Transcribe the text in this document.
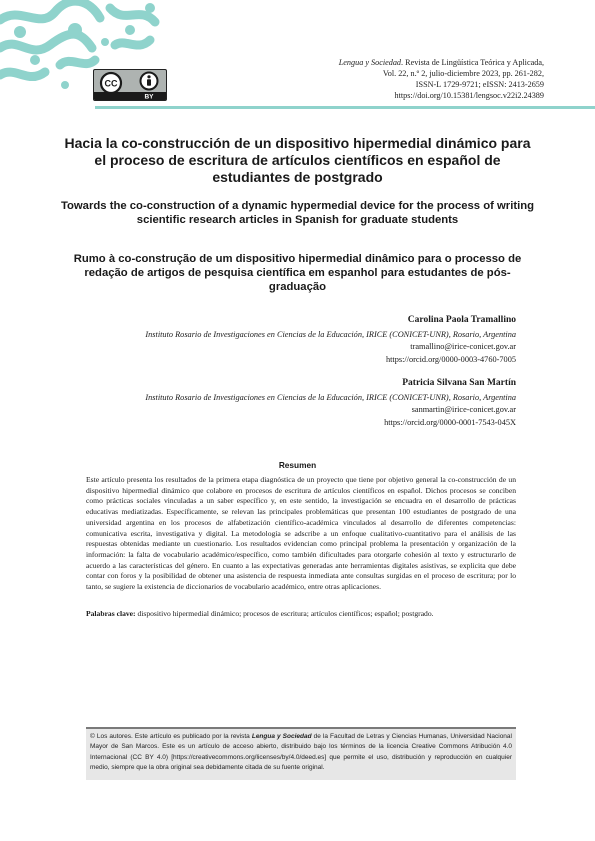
CC
BY
Lengua y Sociedad. Revista de Lingüística Teórica y Aplicada,
Vol. 22, n.º 2, julio-diciembre 2023, pp. 261-282,
ISSN-L 1729-9721; eISSN: 2413-2659
https://doi.org/10.15381/lengsoc.v22i2.24389
Hacia la co-construcción de un dispositivo hipermedial dinámico para el proceso de escritura de artículos científicos en español de estudiantes de postgrado
Towards the co-construction of a dynamic hypermedial device for the process of writing scientific research articles in Spanish for graduate students
Rumo à co-construção de um dispositivo hipermedial dinâmico para o processo de redação de artigos de pesquisa científica em espanhol para estudantes de pós-graduação
Carolina Paola Tramallino
Instituto Rosario de Investigaciones en Ciencias de la Educación, IRICE (CONICET-UNR), Rosario, Argentina
tramallino@irice-conicet.gov.ar
https://orcid.org/0000-0003-4760-7005
Patricia Silvana San Martín
Instituto Rosario de Investigaciones en Ciencias de la Educación, IRICE (CONICET-UNR), Rosario, Argentina
sanmartin@irice-conicet.gov.ar
https://orcid.org/0000-0001-7543-045X
Resumen

Este artículo presenta los resultados de la primera etapa diagnóstica de un proyecto que tiene por objetivo general la co-construcción de un dispositivo hipermedial dinámico que colabore en procesos de escritura de artículos científicos en español. Dichos procesos se conciben como prácticas sociales vinculadas a un saber específico y, en este sentido, la investigación se encuadra en el desarrollo de prácticas educativas mediatizadas. Específicamente, se relevan las principales problemáticas que presentan 100 estudiantes de postgrado de una universidad argentina en los procesos de alfabetización científico-académica vinculados al desarrollo de diferentes competencias: comunicativa escrita, investigativa y digital. La metodología se adscribe a un enfoque cualitativo-cuantitativo para el análisis de las respuestas obtenidas mediante un cuestionario. Los resultados evidencian como principal problema la presentación y organización de la información: la falta de vocabulario académico/específico, como también dificultades para otorgarle cohesión al texto y estructurarlo de acuerdo a las características del género. En cuanto a las expectativas generadas ante herramientas digitales asistivas, se explicita que debe contar con foros y la posibilidad de obtener una asistencia de respuesta inmediata ante consultas surgidas en el proceso de escritura; por lo tanto, se sugiere la existencia de diccionarios de vocabulario académico, entre otras aplicaciones.

Palabras clave: dispositivo hipermedial dinámico; procesos de escritura; artículos científicos; español; postgrado.

© Los autores. Este artículo es publicado por la revista Lengua y Sociedad de la Facultad de Letras y Ciencias Humanas, Universidad Nacional Mayor de San Marcos. Este es un artículo de acceso abierto, distribuido bajo los términos de la licencia Creative Commons Atribución 4.0 Internacional (CC BY 4.0) [https://creativecommons.org/licenses/by/4.0/deed.es] que permite el uso, distribución y reproducción en cualquier medio, siempre que la obra original sea debidamente citada de su fuente original.
